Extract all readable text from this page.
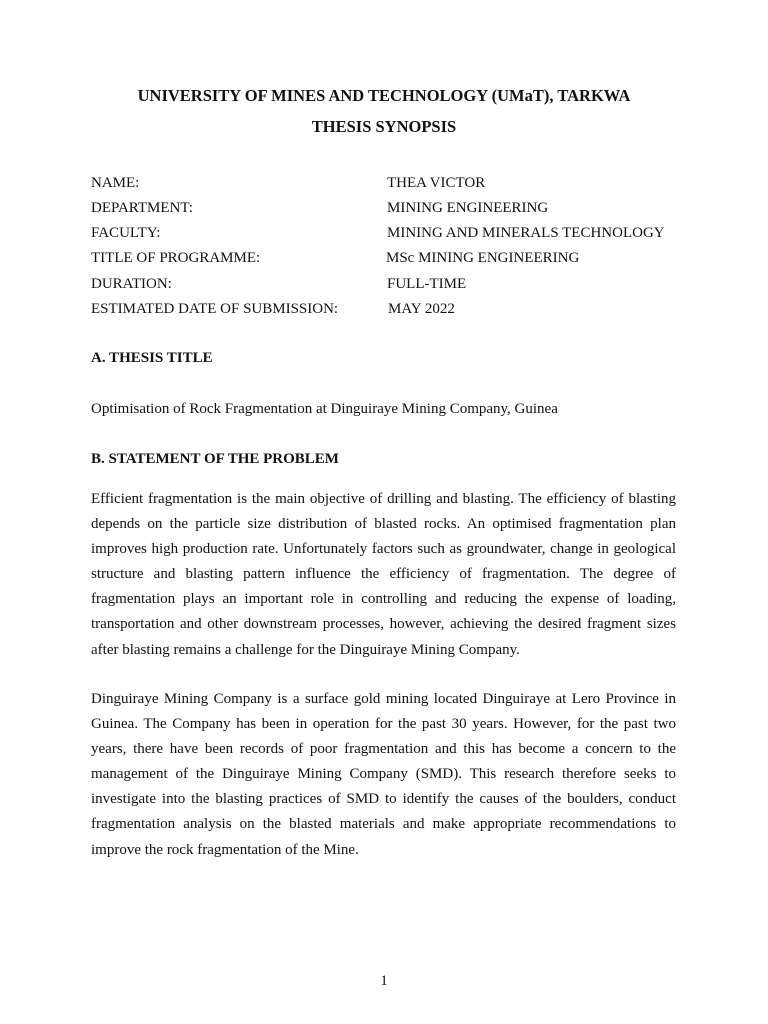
UNIVERSITY OF MINES AND TECHNOLOGY (UMaT), TARKWA
THESIS SYNOPSIS
NAME:	THEA VICTOR
DEPARTMENT:	MINING ENGINEERING
FACULTY:	MINING AND MINERALS TECHNOLOGY
TITLE OF PROGRAMME:	MSc MINING ENGINEERING
DURATION:	FULL-TIME
ESTIMATED DATE OF SUBMISSION:	MAY 2022
A. THESIS TITLE
Optimisation of Rock Fragmentation at Dinguiraye Mining Company, Guinea
B. STATEMENT OF THE PROBLEM

Efficient fragmentation is the main objective of drilling and blasting. The efficiency of blasting depends on the particle size distribution of blasted rocks. An optimised fragmentation plan improves high production rate. Unfortunately factors such as groundwater, change in geological structure and blasting pattern influence the efficiency of fragmentation. The degree of fragmentation plays an important role in controlling and reducing the expense of loading, transportation and other downstream processes, however, achieving the desired fragment sizes after blasting remains a challenge for the Dinguiraye Mining Company.

Dinguiraye Mining Company is a surface gold mining located Dinguiraye at Lero Province in Guinea. The Company has been in operation for the past 30 years. However, for the past two years, there have been records of poor fragmentation and this has become a concern to the management of the Dinguiraye Mining Company (SMD). This research therefore seeks to investigate into the blasting practices of SMD to identify the causes of the boulders, conduct fragmentation analysis on the blasted materials and make appropriate recommendations to improve the rock fragmentation of the Mine.

1
